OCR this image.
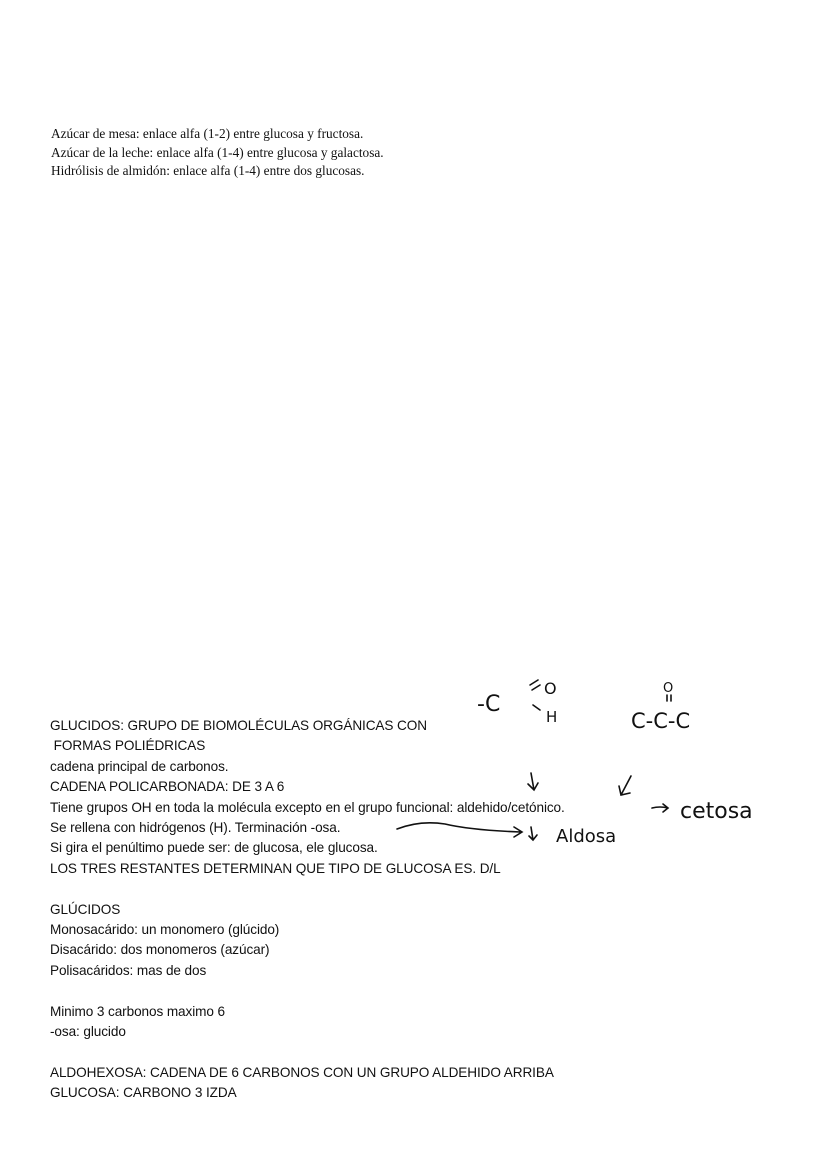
Azúcar de mesa: enlace alfa (1-2) entre glucosa y fructosa.
Azúcar de la leche: enlace alfa (1-4) entre glucosa y galactosa.
Hidrólisis de almidón: enlace alfa (1-4) entre dos glucosas.
GLUCIDOS: GRUPO DE BIOMOLÉCULAS ORGÁNICAS CON
FORMAS POLIÉDRICAS
cadena principal de carbonos.
CADENA POLICARBONADA: DE 3 A 6
Tiene grupos OH en toda la molécula excepto en el grupo funcional: aldehido/cetónico.
Se rellena con hidrógenos (H). Terminación -osa.
Si gira el penúltimo puede ser: de glucosa, ele glucosa.
LOS TRES RESTANTES DETERMINAN QUE TIPO DE GLUCOSA ES. D/L
GLÚCIDOS
Monosacárido: un monomero (glúcido)
Disacárido: dos monomeros (azúcar)
Polisacáridos: mas de dos
Minimo 3 carbonos maximo 6
-osa: glucido
ALDOHEXOSA: CADENA DE 6 CARBONOS CON UN GRUPO ALDEHIDO ARRIBA
GLUCOSA: CARBONO 3 IZDA
-C
O
H
O
C-C-C
cetosa
Aldosa
